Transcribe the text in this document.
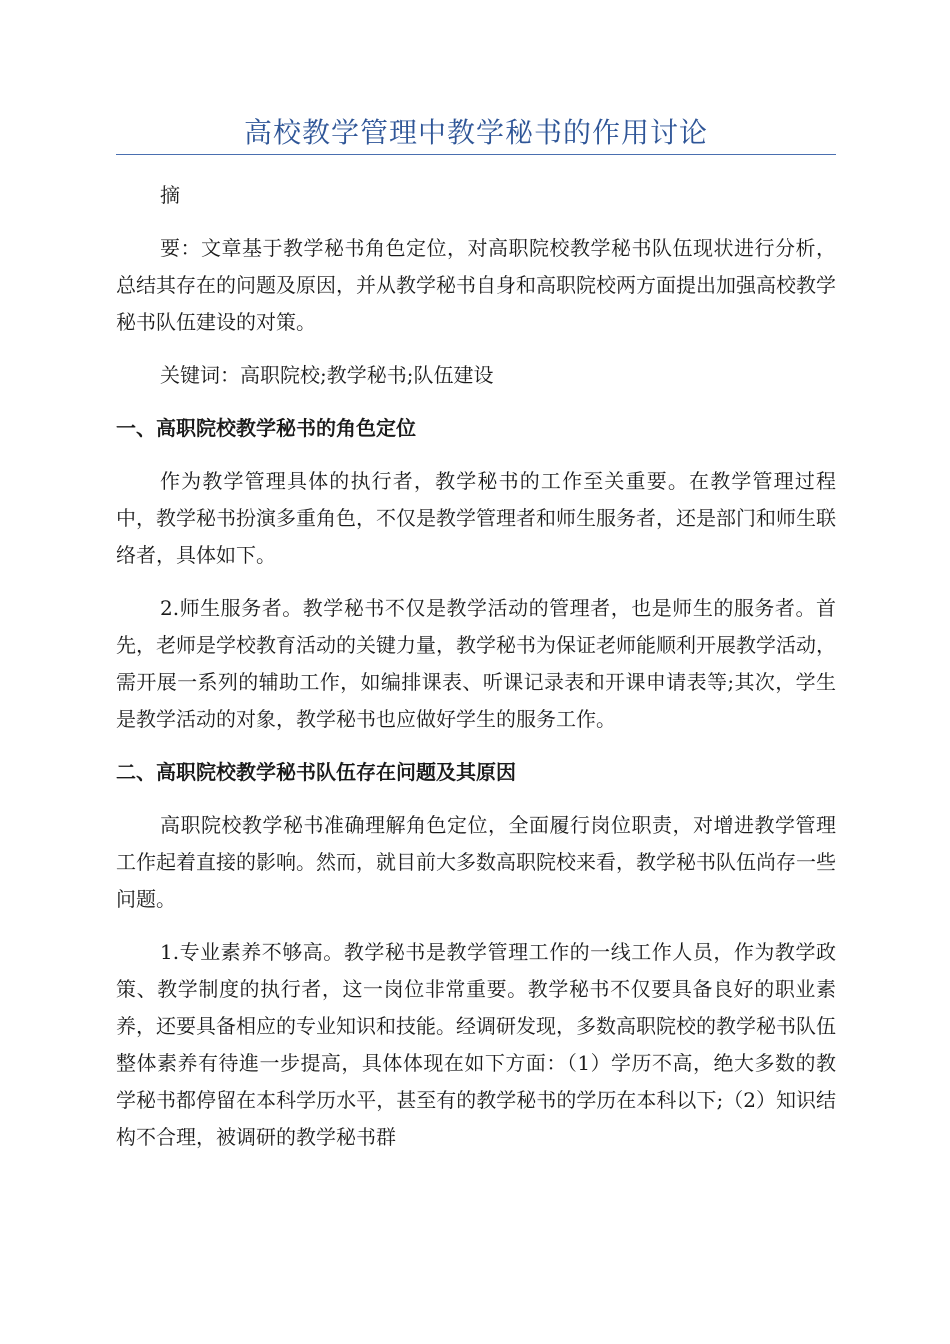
高校教学管理中教学秘书的作用讨论

摘

要：文章基于教学秘书角色定位，对高职院校教学秘书队伍现状进行分析，总结其存在的问题及原因，并从教学秘书自身和高职院校两方面提出加强高校教学秘书队伍建设的对策。

关键词：高职院校;教学秘书;队伍建设

一、高职院校教学秘书的角色定位

作为教学管理具体的执行者，教学秘书的工作至关重要。在教学管理过程中，教学秘书扮演多重角色，不仅是教学管理者和师生服务者，还是部门和师生联络者，具体如下。

2.师生服务者。教学秘书不仅是教学活动的管理者，也是师生的服务者。首先，老师是学校教育活动的关键力量，教学秘书为保证老师能顺利开展教学活动，需开展一系列的辅助工作，如编排课表、听课记录表和开课申请表等;其次，学生是教学活动的对象，教学秘书也应做好学生的服务工作。

二、高职院校教学秘书队伍存在问题及其原因

高职院校教学秘书准确理解角色定位，全面履行岗位职责，对增进教学管理工作起着直接的影响。然而，就目前大多数高职院校来看，教学秘书队伍尚存一些问题。

1.专业素养不够高。教学秘书是教学管理工作的一线工作人员，作为教学政策、教学制度的执行者，这一岗位非常重要。教学秘书不仅要具备良好的职业素养，还要具备相应的专业知识和技能。经调研发现，多数高职院校的教学秘书队伍整体素养有待進一步提高，具体体现在如下方面：（1）学历不高，绝大多数的教学秘书都停留在本科学历水平，甚至有的教学秘书的学历在本科以下;（2）知识结构不合理，被调研的教学秘书群
